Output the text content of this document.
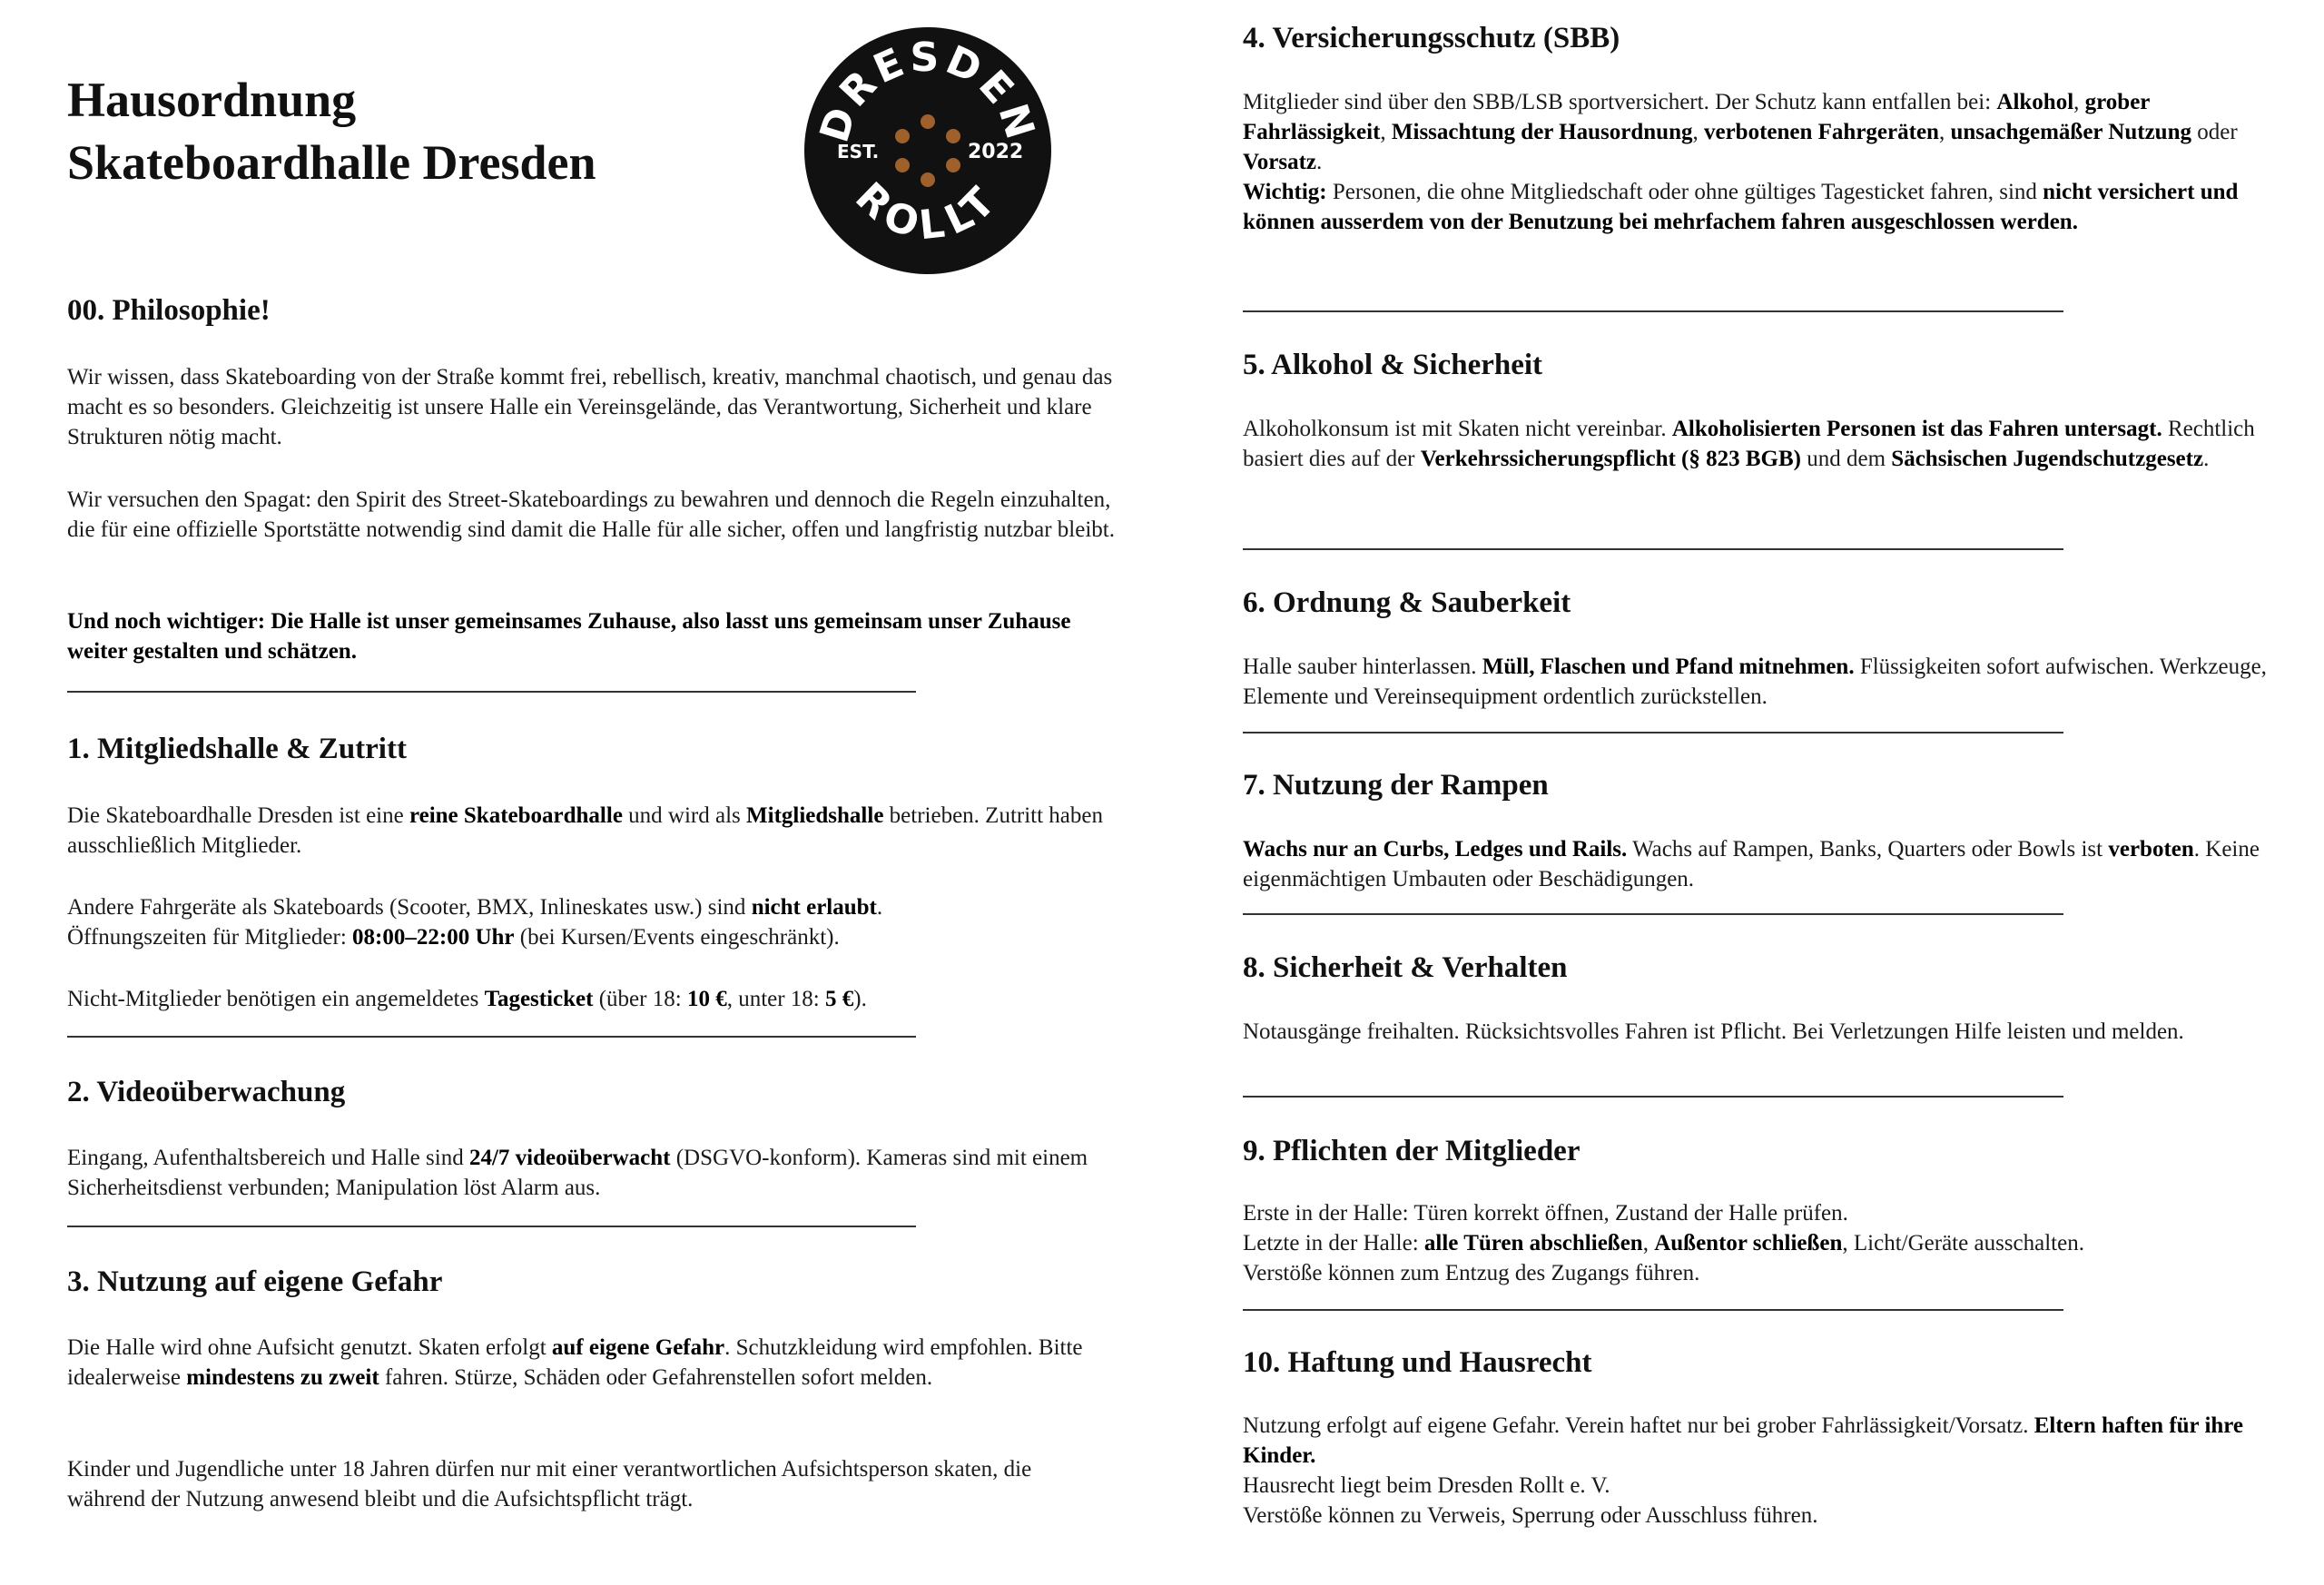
Hausordnung
Skateboardhalle Dresden
DRESDEN
ROLLT
EST.	2022
00. Philosophie!

Wir wissen, dass Skateboarding von der Straße kommt frei, rebellisch, kreativ, manchmal chaotisch, und genau das macht es so besonders. Gleichzeitig ist unsere Halle ein Vereinsgelände, das Verantwortung, Sicherheit und klare Strukturen nötig macht.

Wir versuchen den Spagat: den Spirit des Street-Skateboardings zu bewahren und dennoch die Regeln einzuhalten, die für eine offizielle Sportstätte notwendig sind damit die Halle für alle sicher, offen und langfristig nutzbar bleibt.

Und noch wichtiger: Die Halle ist unser gemeinsames Zuhause, also lasst uns gemeinsam unser Zuhause weiter gestalten und schätzen.

1. Mitgliedshalle & Zutritt

Die Skateboardhalle Dresden ist eine reine Skateboardhalle und wird als Mitgliedshalle betrieben. Zutritt haben ausschließlich Mitglieder.

Andere Fahrgeräte als Skateboards (Scooter, BMX, Inlineskates usw.) sind nicht erlaubt.
Öffnungszeiten für Mitglieder: 08:00–22:00 Uhr (bei Kursen/Events eingeschränkt).

Nicht-Mitglieder benötigen ein angemeldetes Tagesticket (über 18: 10 €, unter 18: 5 €).

2. Videoüberwachung

Eingang, Aufenthaltsbereich und Halle sind 24/7 videoüberwacht (DSGVO-konform). Kameras sind mit einem Sicherheitsdienst verbunden; Manipulation löst Alarm aus.

3. Nutzung auf eigene Gefahr

Die Halle wird ohne Aufsicht genutzt. Skaten erfolgt auf eigene Gefahr. Schutzkleidung wird empfohlen. Bitte idealerweise mindestens zu zweit fahren. Stürze, Schäden oder Gefahrenstellen sofort melden.

Kinder und Jugendliche unter 18 Jahren dürfen nur mit einer verantwortlichen Aufsichtsperson skaten, die während der Nutzung anwesend bleibt und die Aufsichtspflicht trägt.

4. Versicherungsschutz (SBB)

Mitglieder sind über den SBB/LSB sportversichert. Der Schutz kann entfallen bei: Alkohol, grober Fahrlässigkeit, Missachtung der Hausordnung, verbotenen Fahrgeräten, unsachgemäßer Nutzung oder Vorsatz.

Wichtig: Personen, die ohne Mitgliedschaft oder ohne gültiges Tagesticket fahren, sind nicht versichert und können ausserdem von der Benutzung bei mehrfachem fahren ausgeschlossen werden.

5. Alkohol & Sicherheit

Alkoholkonsum ist mit Skaten nicht vereinbar. Alkoholisierten Personen ist das Fahren untersagt. Rechtlich basiert dies auf der Verkehrssicherungspflicht (§ 823 BGB) und dem Sächsischen Jugendschutzgesetz.

6. Ordnung & Sauberkeit

Halle sauber hinterlassen. Müll, Flaschen und Pfand mitnehmen. Flüssigkeiten sofort aufwischen. Werkzeuge, Elemente und Vereinsequipment ordentlich zurückstellen.

7. Nutzung der Rampen

Wachs nur an Curbs, Ledges und Rails. Wachs auf Rampen, Banks, Quarters oder Bowls ist verboten. Keine eigenmächtigen Umbauten oder Beschädigungen.

8. Sicherheit & Verhalten

Notausgänge freihalten. Rücksichtsvolles Fahren ist Pflicht. Bei Verletzungen Hilfe leisten und melden.

9. Pflichten der Mitglieder

Erste in der Halle: Türen korrekt öffnen, Zustand der Halle prüfen.
Letzte in der Halle: alle Türen abschließen, Außentor schließen, Licht/Geräte ausschalten.
Verstöße können zum Entzug des Zugangs führen.

10. Haftung und Hausrecht

Nutzung erfolgt auf eigene Gefahr. Verein haftet nur bei grober Fahrlässigkeit/Vorsatz. Eltern haften für ihre Kinder.
Hausrecht liegt beim Dresden Rollt e. V.
Verstöße können zu Verweis, Sperrung oder Ausschluss führen.
